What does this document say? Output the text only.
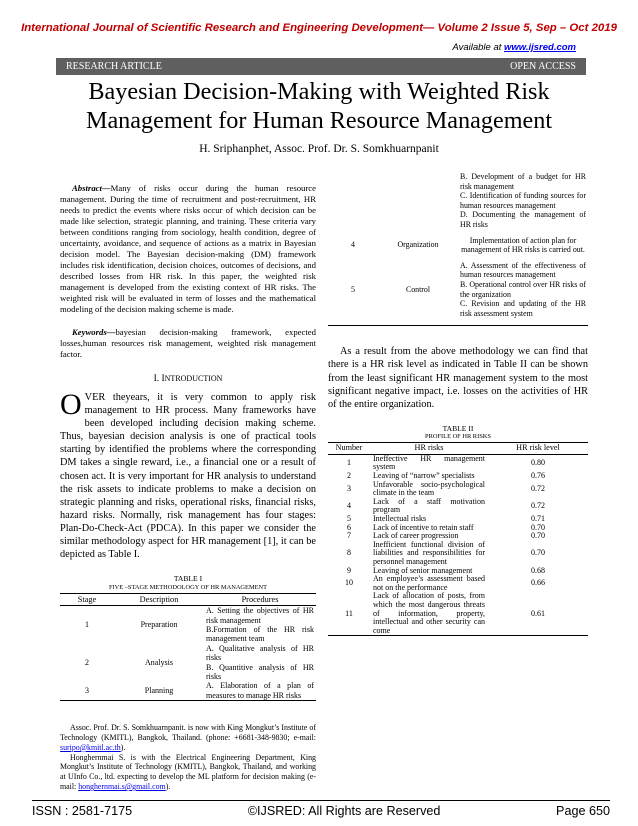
International Journal of Scientific Research and Engineering Development— Volume 2 Issue 5, Sep – Oct 2019
Available at www.ijsred.com
RESEARCH ARTICLE	OPEN ACCESS
Bayesian Decision-Making with Weighted Risk
Management for Human Resource Management
H. Sriphanphet, Assoc. Prof. Dr. S. Somkhuarnpanit

Abstract—Many of risks occur during the human resource management. During the time of recruitment and post-recruitment, HR needs to predict the events where risks occur of which decision can be made like selection, strategic planning, and training. These criteria vary between conditions ranging from sociology, health condition, degree of uncertainty, avoidance, and sequence of actions as a matrix in Bayesian decision model. The Bayesian decision-making (DM) framework includes risk identification, decision choices, outcomes of decisions, and described losses from HR risk. In this paper, the weighted risk management is developed from the existing context of HR risks. The weighted risk will be evaluated in term of losses and the mathematical modeling of the decision making scheme is made.

Keywords—bayesian decision-making framework, expected losses,human resources risk management, weighted risk management factor.

I. INTRODUCTION

OVER theyears, it is very common to apply risk management to HR process. Many frameworks have been developed including decision making scheme. Thus, bayesian decision analysis is one of practical tools starting by identified the problems where the corresponding DM takes a single reward, i.e., a financial one or a result of chosen act. It is very important for HR analysis to understand the risk assets to indicate problems to make a decision on strategic planning and risks, operational risks, financial risks, hazard risks. Normally, risk management has four stages: Plan-Do-Check-Act (PDCA). In this paper we consider the similar methodology aspect for HR management [1], it can be depicted as Table I.

TABLE I
FIVE –STAGE METHODOLOGY OF HR MANAGEMENT
Stage	Description	Procedures
1	Preparation	A. Setting the objectives of HR risk management
B.Formation of the HR risk management team

2	Analysis	A. Qualitative analysis of HR risks
B. Quantitive analysis of HR risks

3	Planning	A. Elaboration of a plan of measures to manage HR risks

Assoc. Prof. Dr. S. Somkhuarnpanit. is now with King Mongkut’s Institute of Technology (KMITL), Bangkok, Thailand. (phone: +6681-348-9830; e-mail: suripo@kmitl.ac.th).

Honghernmai S. is with the Electrical Engineering Department, King Mongkut’s Institute of Technology (KMITL), Bangkok, Thailand, and working at UInfo Co., ltd. expecting to develop the ML platform for decision making (e-mail: honghernmai.s@gmail.com).

		B. Development of a budget for HR risk management
C. Identification of funding sources for human resources management
D. Documenting the management of HR risks

4	Organization	Implementation of action plan for management of HR risks is carried out.

5	Control	A. Assessment of the effectiveness of human resources management
B. Operational control over HR risks of the organization
C. Revision and updating of the HR risk assessment system

As a result from the above methodology we can find that there is a HR risk level as indicated in Table II can be shown from the least significant HR management system to the most significant negative impact, i.e. losses on the activities of HR of the entire organization.

TABLE II
PROFILE OF HR RISKS
Number	HR risks	HR risk level
1	Ineffective HR management system	0.80
2	Leaving of “narrow” specialists	0.76
3	Unfavorable socio-psychological climate in the team	0.72
4	Lack of a staff motivation program	0.72
5	Intellectual risks	0.71
6	Lack of incentive to retain staff	0.70
7	Lack of career progression	0.70
8	Inefficient functional division of liabilities and responsibilities for personnel management	0.70
9	Leaving of senior management	0.68
10	An employee’s assessment based not on the performance	0.66
11	Lack of allocation of posts, from which the most dangerous threats of information, property, intellectual and other security can come	0.61
ISSN : 2581-7175	©IJSRED: All Rights are Reserved	Page 650
